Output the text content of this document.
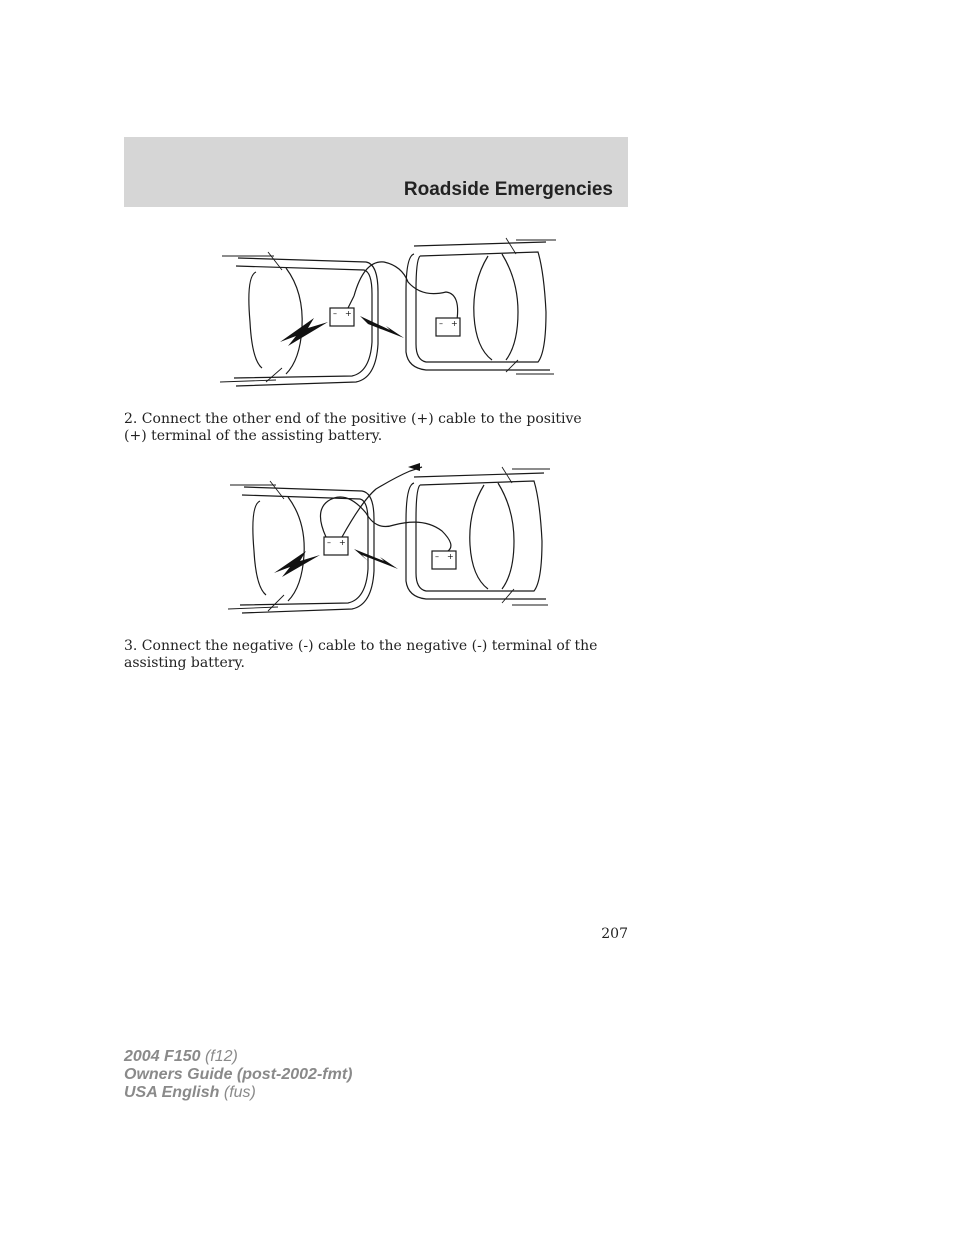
Roadside Emergencies
– +
– +

2. Connect the other end of the positive (+) cable to the positive (+) terminal of the assisting battery.

– +
– +

3. Connect the negative (-) cable to the negative (-) terminal of the assisting battery.

207

2004 F150 (f12)
Owners Guide (post-2002-fmt)
USA English (fus)
